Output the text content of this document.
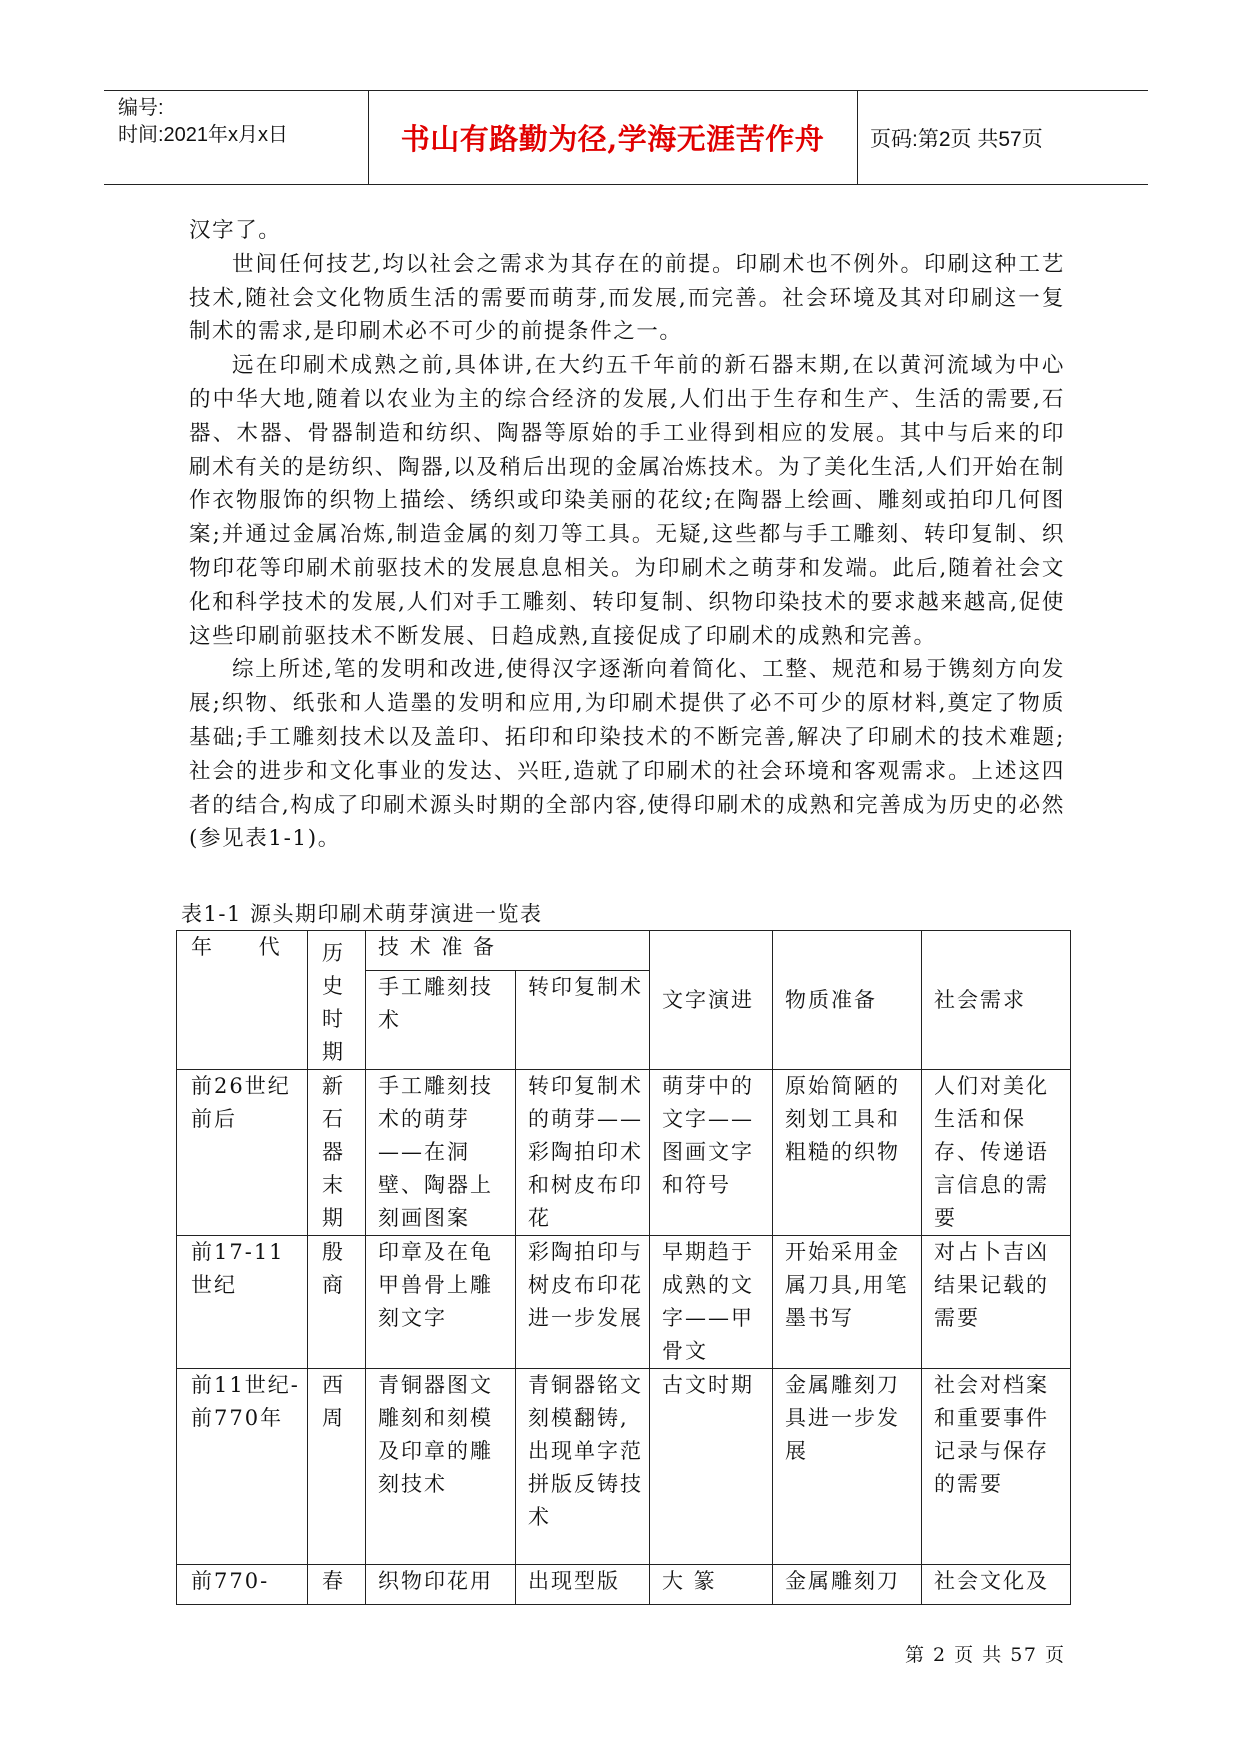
编号:
时间:2021年x月x日	书山有路勤为径,学海无涯苦作舟	页码:第2页 共57页

汉字了。

世间任何技艺,均以社会之需求为其存在的前提。印刷术也不例外。印刷这种工艺技术,随社会文化物质生活的需要而萌芽,而发展,而完善。社会环境及其对印刷这一复制术的需求,是印刷术必不可少的前提条件之一。

远在印刷术成熟之前,具体讲,在大约五千年前的新石器末期,在以黄河流域为中心的中华大地,随着以农业为主的综合经济的发展,人们出于生存和生产、生活的需要,石器、木器、骨器制造和纺织、陶器等原始的手工业得到相应的发展。其中与后来的印刷术有关的是纺织、陶器,以及稍后出现的金属冶炼技术。为了美化生活,人们开始在制作衣物服饰的织物上描绘、绣织或印染美丽的花纹;在陶器上绘画、雕刻或拍印几何图案;并通过金属冶炼,制造金属的刻刀等工具。无疑,这些都与手工雕刻、转印复制、织物印花等印刷术前驱技术的发展息息相关。为印刷术之萌芽和发端。此后,随着社会文化和科学技术的发展,人们对手工雕刻、转印复制、织物印染技术的要求越来越高,促使这些印刷前驱技术不断发展、日趋成熟,直接促成了印刷术的成熟和完善。

综上所述,笔的发明和改进,使得汉字逐渐向着简化、工整、规范和易于镌刻方向发展;织物、纸张和人造墨的发明和应用,为印刷术提供了必不可少的原材料,奠定了物质基础;手工雕刻技术以及盖印、拓印和印染技术的不断完善,解决了印刷术的技术难题;社会的进步和文化事业的发达、兴旺,造就了印刷术的社会环境和客观需求。上述这四者的结合,构成了印刷术源头时期的全部内容,使得印刷术的成熟和完善成为历史的必然(参见表1-1)。

表1-1 源头期印刷术萌芽演进一览表
年 代	历史时期	技 术 准 备		文字演进	物质准备	社会需求
		手工雕刻技术	转印复制术			
前26世纪前后	新石器末期	手工雕刻技术的萌芽——在洞壁、陶器上刻画图案	转印复制术的萌芽——彩陶拍印术和树皮布印花	萌芽中的文字——图画文字和符号	原始简陋的刻划工具和粗糙的织物	人们对美化生活和保存、传递语言信息的需要
前17-11世纪	殷商	印章及在龟甲兽骨上雕刻文字	彩陶拍印与树皮布印花进一步发展	早期趋于成熟的文字——甲骨文	开始采用金属刀具,用笔墨书写	对占卜吉凶结果记载的需要
前11世纪-前770年	西周	青铜器图文雕刻和刻模及印章的雕刻技术	青铜器铭文刻模翻铸,出现单字范拼版反铸技术	古文时期	金属雕刻刀具进一步发展	社会对档案和重要事件记录与保存的需要
前770-	春	织物印花用	出现型版	大 篆	金属雕刻刀	社会文化及
第 2 页 共 57 页
